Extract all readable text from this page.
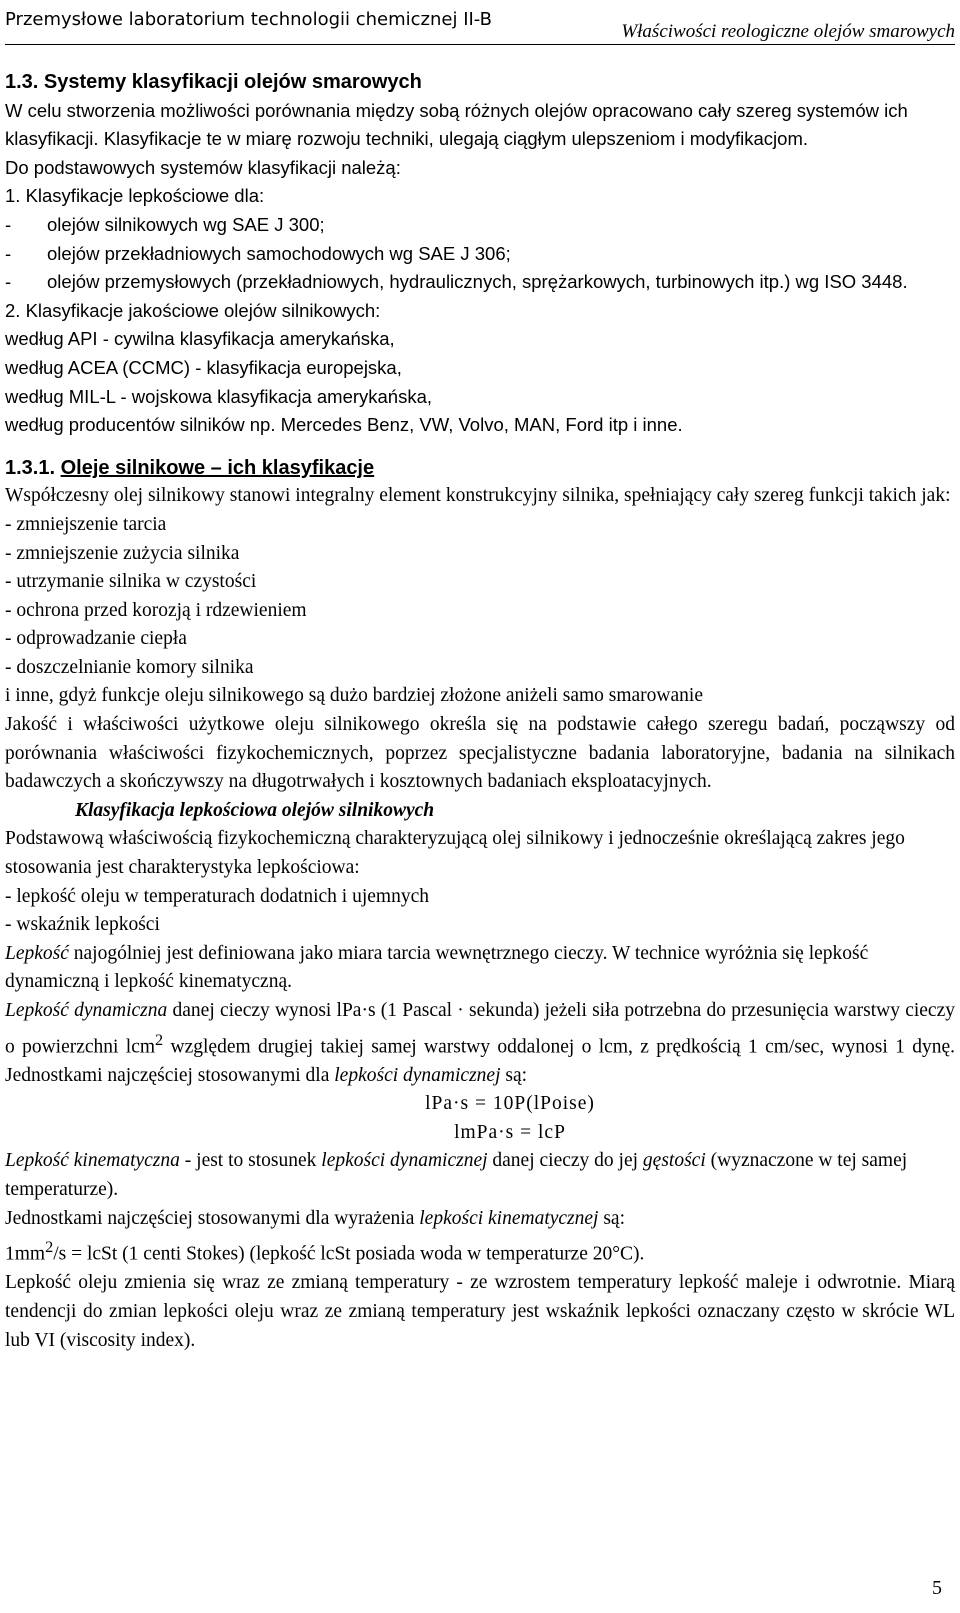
Przemysłowe laboratorium technologii chemicznej II-B
Właściwości reologiczne olejów smarowych

1.3. Systemy klasyfikacji olejów smarowych

W celu stworzenia możliwości porównania między sobą różnych olejów opracowano cały szereg systemów ich klasyfikacji. Klasyfikacje te w miarę rozwoju techniki, ulegają ciągłym ulepszeniom i modyfikacjom.

Do podstawowych systemów klasyfikacji należą:

1. Klasyfikacje lepkościowe dla:

- olejów silnikowych wg SAE J 300;

- olejów przekładniowych samochodowych wg SAE J 306;

- olejów przemysłowych (przekładniowych, hydraulicznych, sprężarkowych, turbinowych itp.) wg ISO 3448.

2. Klasyfikacje jakościowe olejów silnikowych:

według API - cywilna klasyfikacja amerykańska,

według ACEA (CCMC) - klasyfikacja europejska,

według MIL-L - wojskowa klasyfikacja amerykańska,

według producentów silników np. Mercedes Benz, VW, Volvo, MAN, Ford itp i inne.

1.3.1. Oleje silnikowe – ich klasyfikacje

Współczesny olej silnikowy stanowi integralny element konstrukcyjny silnika, spełniający cały szereg funkcji takich jak:

- zmniejszenie tarcia

- zmniejszenie zużycia silnika

- utrzymanie silnika w czystości

- ochrona przed korozją i rdzewieniem

- odprowadzanie ciepła

- doszczelnianie komory silnika

i inne, gdyż funkcje oleju silnikowego są dużo bardziej złożone aniżeli samo smarowanie

Jakość i właściwości użytkowe oleju silnikowego określa się na podstawie całego szeregu badań, począwszy od porównania właściwości fizykochemicznych, poprzez specjalistyczne badania laboratoryjne, badania na silnikach badawczych a skończywszy na długotrwałych i kosztownych badaniach eksploatacyjnych.

Klasyfikacja lepkościowa olejów silnikowych

Podstawową właściwością fizykochemiczną charakteryzującą olej silnikowy i jednocześnie określającą zakres jego stosowania jest charakterystyka lepkościowa:

- lepkość oleju w temperaturach dodatnich i ujemnych

- wskaźnik lepkości

Lepkość najogólniej jest definiowana jako miara tarcia wewnętrznego cieczy. W technice wyróżnia się lepkość dynamiczną i lepkość kinematyczną.

Lepkość dynamiczna danej cieczy wynosi lPa·s (1 Pascal · sekunda) jeżeli siła potrzebna do przesunięcia warstwy cieczy o powierzchni lcm$^2$ względem drugiej takiej samej warstwy oddalonej o lcm, z prędkością 1 cm/sec, wynosi 1 dynę. Jednostkami najczęściej stosowanymi dla lepkości dynamicznej są:

lPa·s = 10P(lPoise)

lmPa·s = lcP

Lepkość kinematyczna - jest to stosunek lepkości dynamicznej danej cieczy do jej gęstości (wyznaczone w tej samej temperaturze).

Jednostkami najczęściej stosowanymi dla wyrażenia lepkości kinematycznej są:

$1mm^2/s$ = lcSt (1 centi Stokes) (lepkość lcSt posiada woda w temperaturze 20°C).

Lepkość oleju zmienia się wraz ze zmianą temperatury - ze wzrostem temperatury lepkość maleje i odwrotnie. Miarą tendencji do zmian lepkości oleju wraz ze zmianą temperatury jest wskaźnik lepkości oznaczany często w skrócie WL lub VI (viscosity index).

5
